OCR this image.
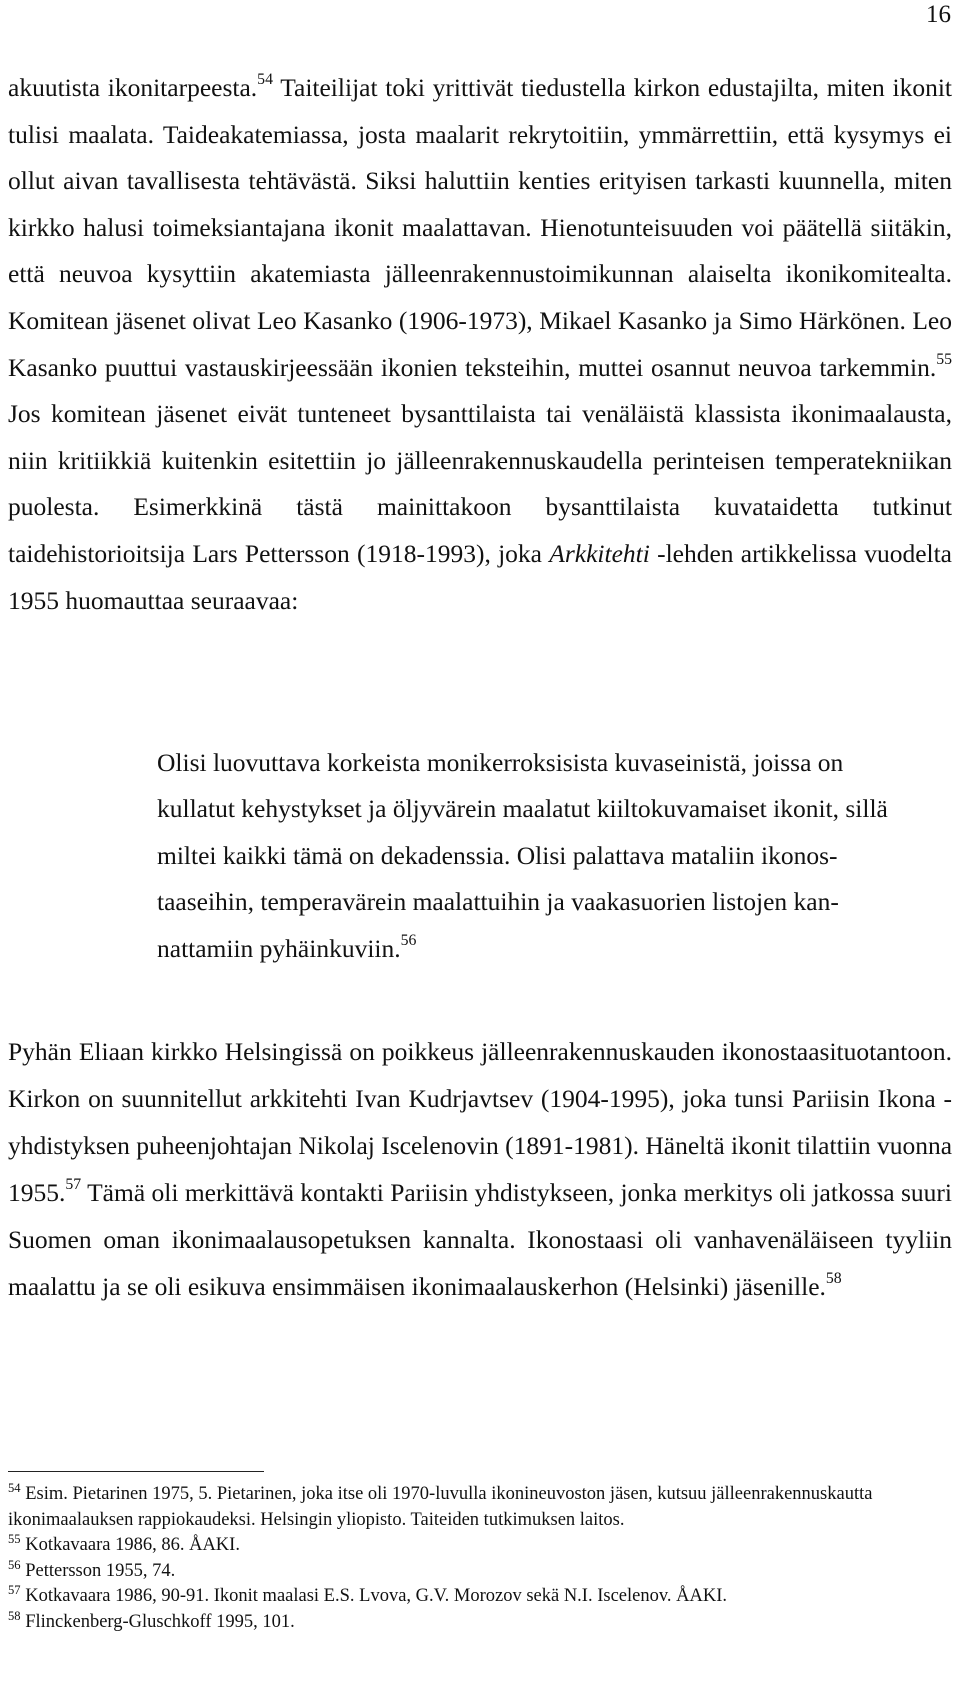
16

akuutista ikonitarpeesta.$^{54}$ Taiteilijat toki yrittivät tiedustella kirkon edustajilta, miten ikonit tulisi maalata. Taideakatemiassa, josta maalarit rekrytoitiin, ymmärrettiin, että kysymys ei ollut aivan tavallisesta tehtävästä. Siksi haluttiin kenties erityisen tarkasti kuunnella, miten kirkko halusi toimeksiantajana ikonit maalattavan. Hienotunteisuuden voi päätellä siitäkin, että neuvoa kysyttiin akatemiasta jälleenrakennustoimikunnan alaiselta ikonikomitealta. Komitean jäsenet olivat Leo Kasanko (1906-1973), Mikael Kasanko ja Simo Härkönen. Leo Kasanko puuttui vastauskirjeessään ikonien teksteihin, muttei osannut neuvoa tarkemmin.$^{55}$ Jos komitean jäsenet eivät tunteneet bysanttilaista tai venäläistä klassista ikonimaalausta, niin kritiikkiä kuitenkin esitettiin jo jälleenrakennuskaudella perinteisen temperatekniikan puolesta. Esimerkkinä tästä mainittakoon bysanttilaista kuvataidetta tutkinut taidehistorioitsija Lars Pettersson (1918-1993), joka Arkkitehti -lehden artikkelissa vuodelta 1955 huomauttaa seuraavaa:

Olisi luovuttava korkeista monikerroksisista kuvaseinistä, joissa on kullatut kehystykset ja öljyvärein maalatut kiiltokuvamaiset ikonit, sillä miltei kaikki tämä on dekadenssia. Olisi palattava mataliin ikonos-taaseihin, temperavärein maalattuihin ja vaakasuorien listojen kan-nattamiin pyhäinkuviin.$^{56}$

Pyhän Eliaan kirkko Helsingissä on poikkeus jälleenrakennuskauden ikonostaasituotantoon. Kirkon on suunnitellut arkkitehti Ivan Kudrjavtsev (1904-1995), joka tunsi Pariisin Ikona -yhdistyksen puheenjohtajan Nikolaj Iscelenovin (1891-1981). Häneltä ikonit tilattiin vuonna 1955.57 Tämä oli merkittävä kontakti Pariisin yhdistykseen, jonka merkitys oli jatkossa suuri Suomen oman ikonimaalausopetuksen kannalta. Ikonostaasi oli vanhavenäläiseen tyyliin maalattu ja se oli esikuva ensimmäisen ikonimaalauskerhon (Helsinki) jäsenille.$^{58}$

$^{54}$ Esim. Pietarinen 1975, 5. Pietarinen, joka itse oli 1970-luvulla ikonineuvoston jäsen, kutsuu jälleenrakennuskautta ikonimaalauksen rappiokaudeksi. Helsingin yliopisto. Taiteiden tutkimuksen laitos.

$^{55}$ Kotkavaara 1986, 86. ÅAKI.

$^{56}$ Pettersson 1955, 74.

$^{57}$ Kotkavaara 1986, 90-91. Ikonit maalasi E.S. Lvova, G.V. Morozov sekä N.I. Iscelenov. ÅAKI.

$^{58}$ Flinckenberg-Gluschkoff 1995, 101.
